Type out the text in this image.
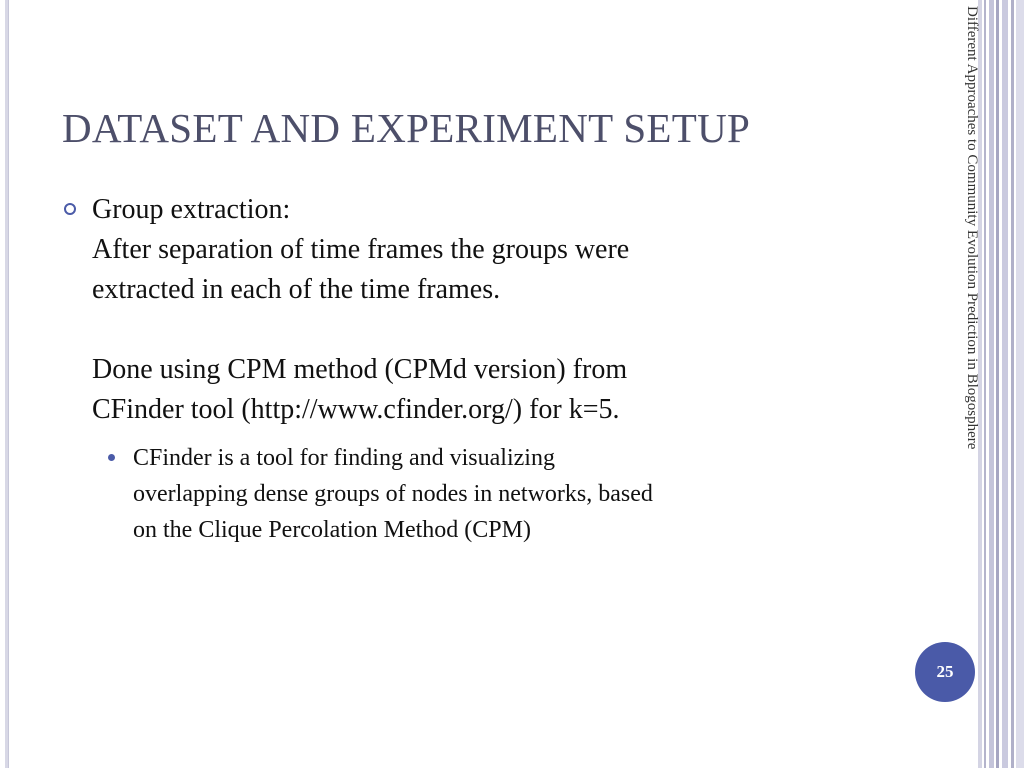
DATASET AND EXPERIMENT SETUP
Group extraction:
After separation of time frames the groups were
extracted in each of the time frames.
Done using CPM method (CPMd version) from
CFinder tool (http://www.cfinder.org/) for k=5.
CFinder is a tool for finding and visualizing
overlapping dense groups of nodes in networks, based
on the Clique Percolation Method (CPM)
Different Approaches to Community Evolution Prediction in Blogosphere
25
